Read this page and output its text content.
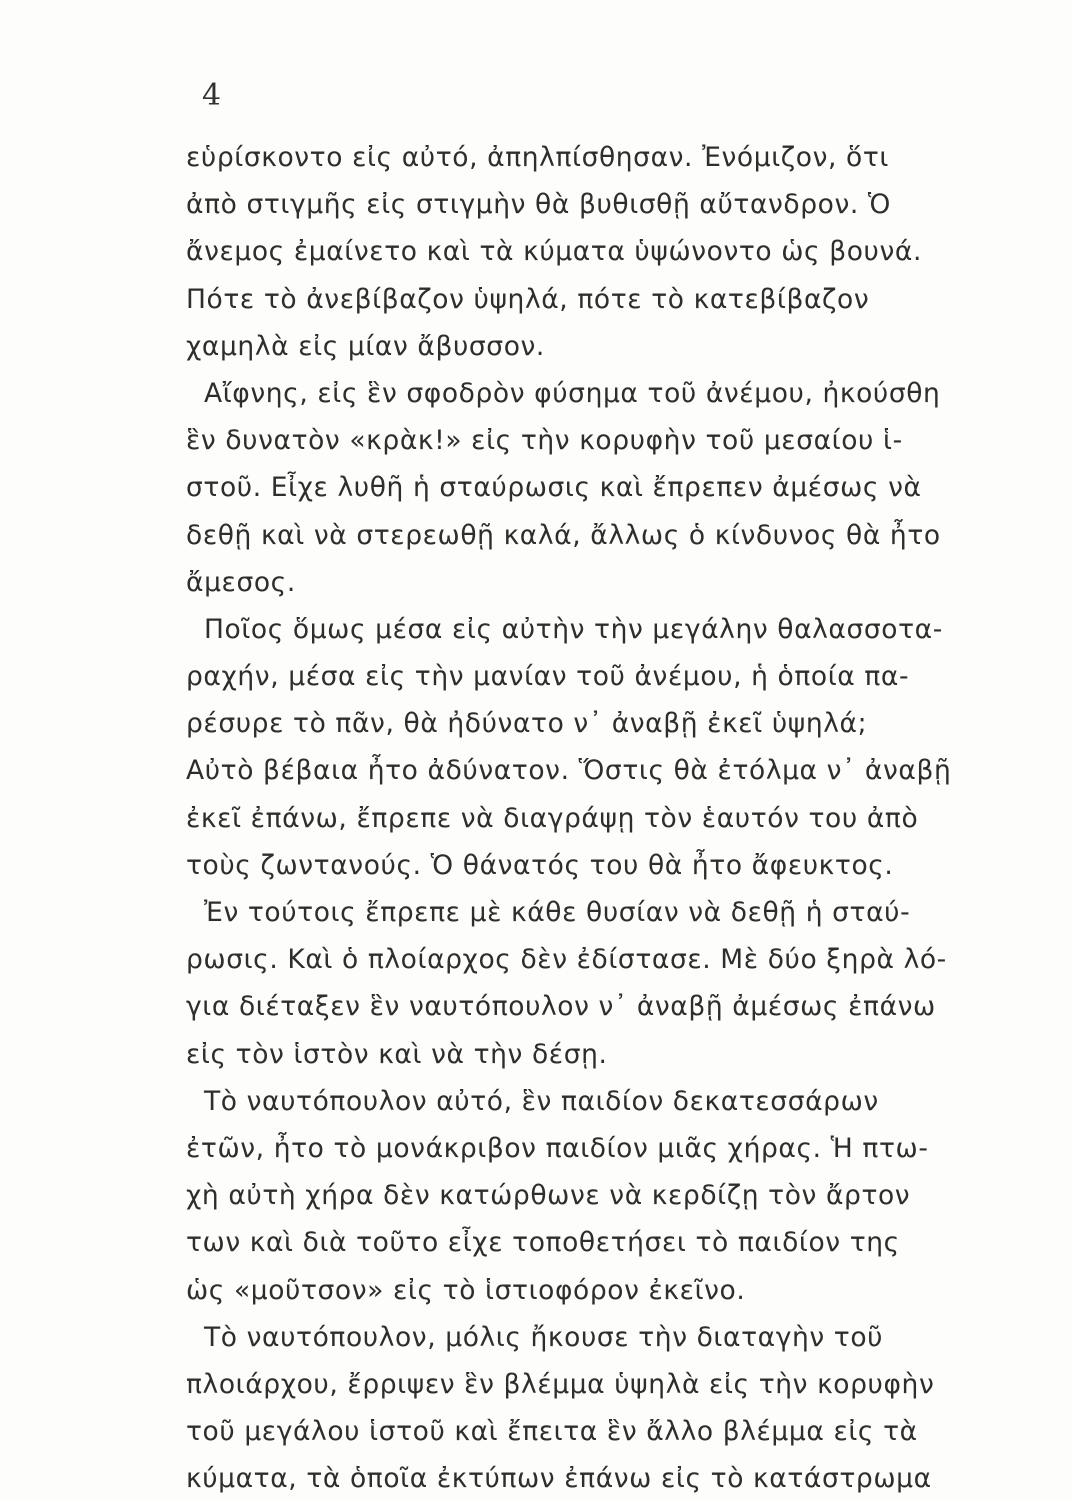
4
εὑρίσκοντο εἰς αὐτό, ἀπηλπίσθησαν. Ἐνόμιζον, ὅτι
ἀπὸ στιγμῆς εἰς στιγμὴν θὰ βυθισθῇ αὔτανδρον. Ὁ
ἄνεμος ἐμαίνετο καὶ τὰ κύματα ὑψώνοντο ὡς βουνά.
Πότε τὸ ἀνεβίβαζον ὑψηλά, πότε τὸ κατεβίβαζον
χαμηλὰ εἰς μίαν ἄβυσσον.
Αἴφνης, εἰς ἓν σφοδρὸν φύσημα τοῦ ἀνέμου, ἠκούσθη
ἓν δυνατὸν «κρὰκ!» εἰς τὴν κορυφὴν τοῦ μεσαίου ἱ-
στοῦ. Εἶχε λυθῆ ἡ σταύρωσις καὶ ἔπρεπεν ἀμέσως νὰ
δεθῇ καὶ νὰ στερεωθῇ καλά, ἄλλως ὁ κίνδυνος θὰ ἦτο
ἄμεσος.
Ποῖος ὅμως μέσα εἰς αὐτὴν τὴν μεγάλην θαλασσοτα-
ραχήν, μέσα εἰς τὴν μανίαν τοῦ ἀνέμου, ἡ ὁποία πα-
ρέσυρε τὸ πᾶν, θὰ ἠδύνατο ν᾽ ἀναβῇ ἐκεῖ ὑψηλά;
Αὐτὸ βέβαια ἦτο ἀδύνατον. Ὅστις θὰ ἐτόλμα ν᾽ ἀναβῇ
ἐκεῖ ἐπάνω, ἔπρεπε νὰ διαγράψῃ τὸν ἑαυτόν του ἀπὸ
τοὺς ζωντανούς. Ὁ θάνατός του θὰ ἦτο ἄφευκτος.
Ἐν τούτοις ἔπρεπε μὲ κάθε θυσίαν νὰ δεθῇ ἡ σταύ-
ρωσις. Καὶ ὁ πλοίαρχος δὲν ἐδίστασε. Μὲ δύο ξηρὰ λό-
για διέταξεν ἓν ναυτόπουλον ν᾽ ἀναβῇ ἀμέσως ἐπάνω
εἰς τὸν ἱστὸν καὶ νὰ τὴν δέσῃ.
Τὸ ναυτόπουλον αὐτό, ἓν παιδίον δεκατεσσάρων
ἐτῶν, ἦτο τὸ μονάκριβον παιδίον μιᾶς χήρας. Ἡ πτω-
χὴ αὐτὴ χήρα δὲν κατώρθωνε νὰ κερδίζῃ τὸν ἄρτον
των καὶ διὰ τοῦτο εἶχε τοποθετήσει τὸ παιδίον της
ὡς «μοῦτσον» εἰς τὸ ἱστιοφόρον ἐκεῖνο.
Τὸ ναυτόπουλον, μόλις ἤκουσε τὴν διαταγὴν τοῦ
πλοιάρχου, ἔρριψεν ἓν βλέμμα ὑψηλὰ εἰς τὴν κορυφὴν
τοῦ μεγάλου ἱστοῦ καὶ ἔπειτα ἓν ἄλλο βλέμμα εἰς τὰ
κύματα, τὰ ὁποῖα ἐκτύπων ἐπάνω εἰς τὸ κατάστρωμα
